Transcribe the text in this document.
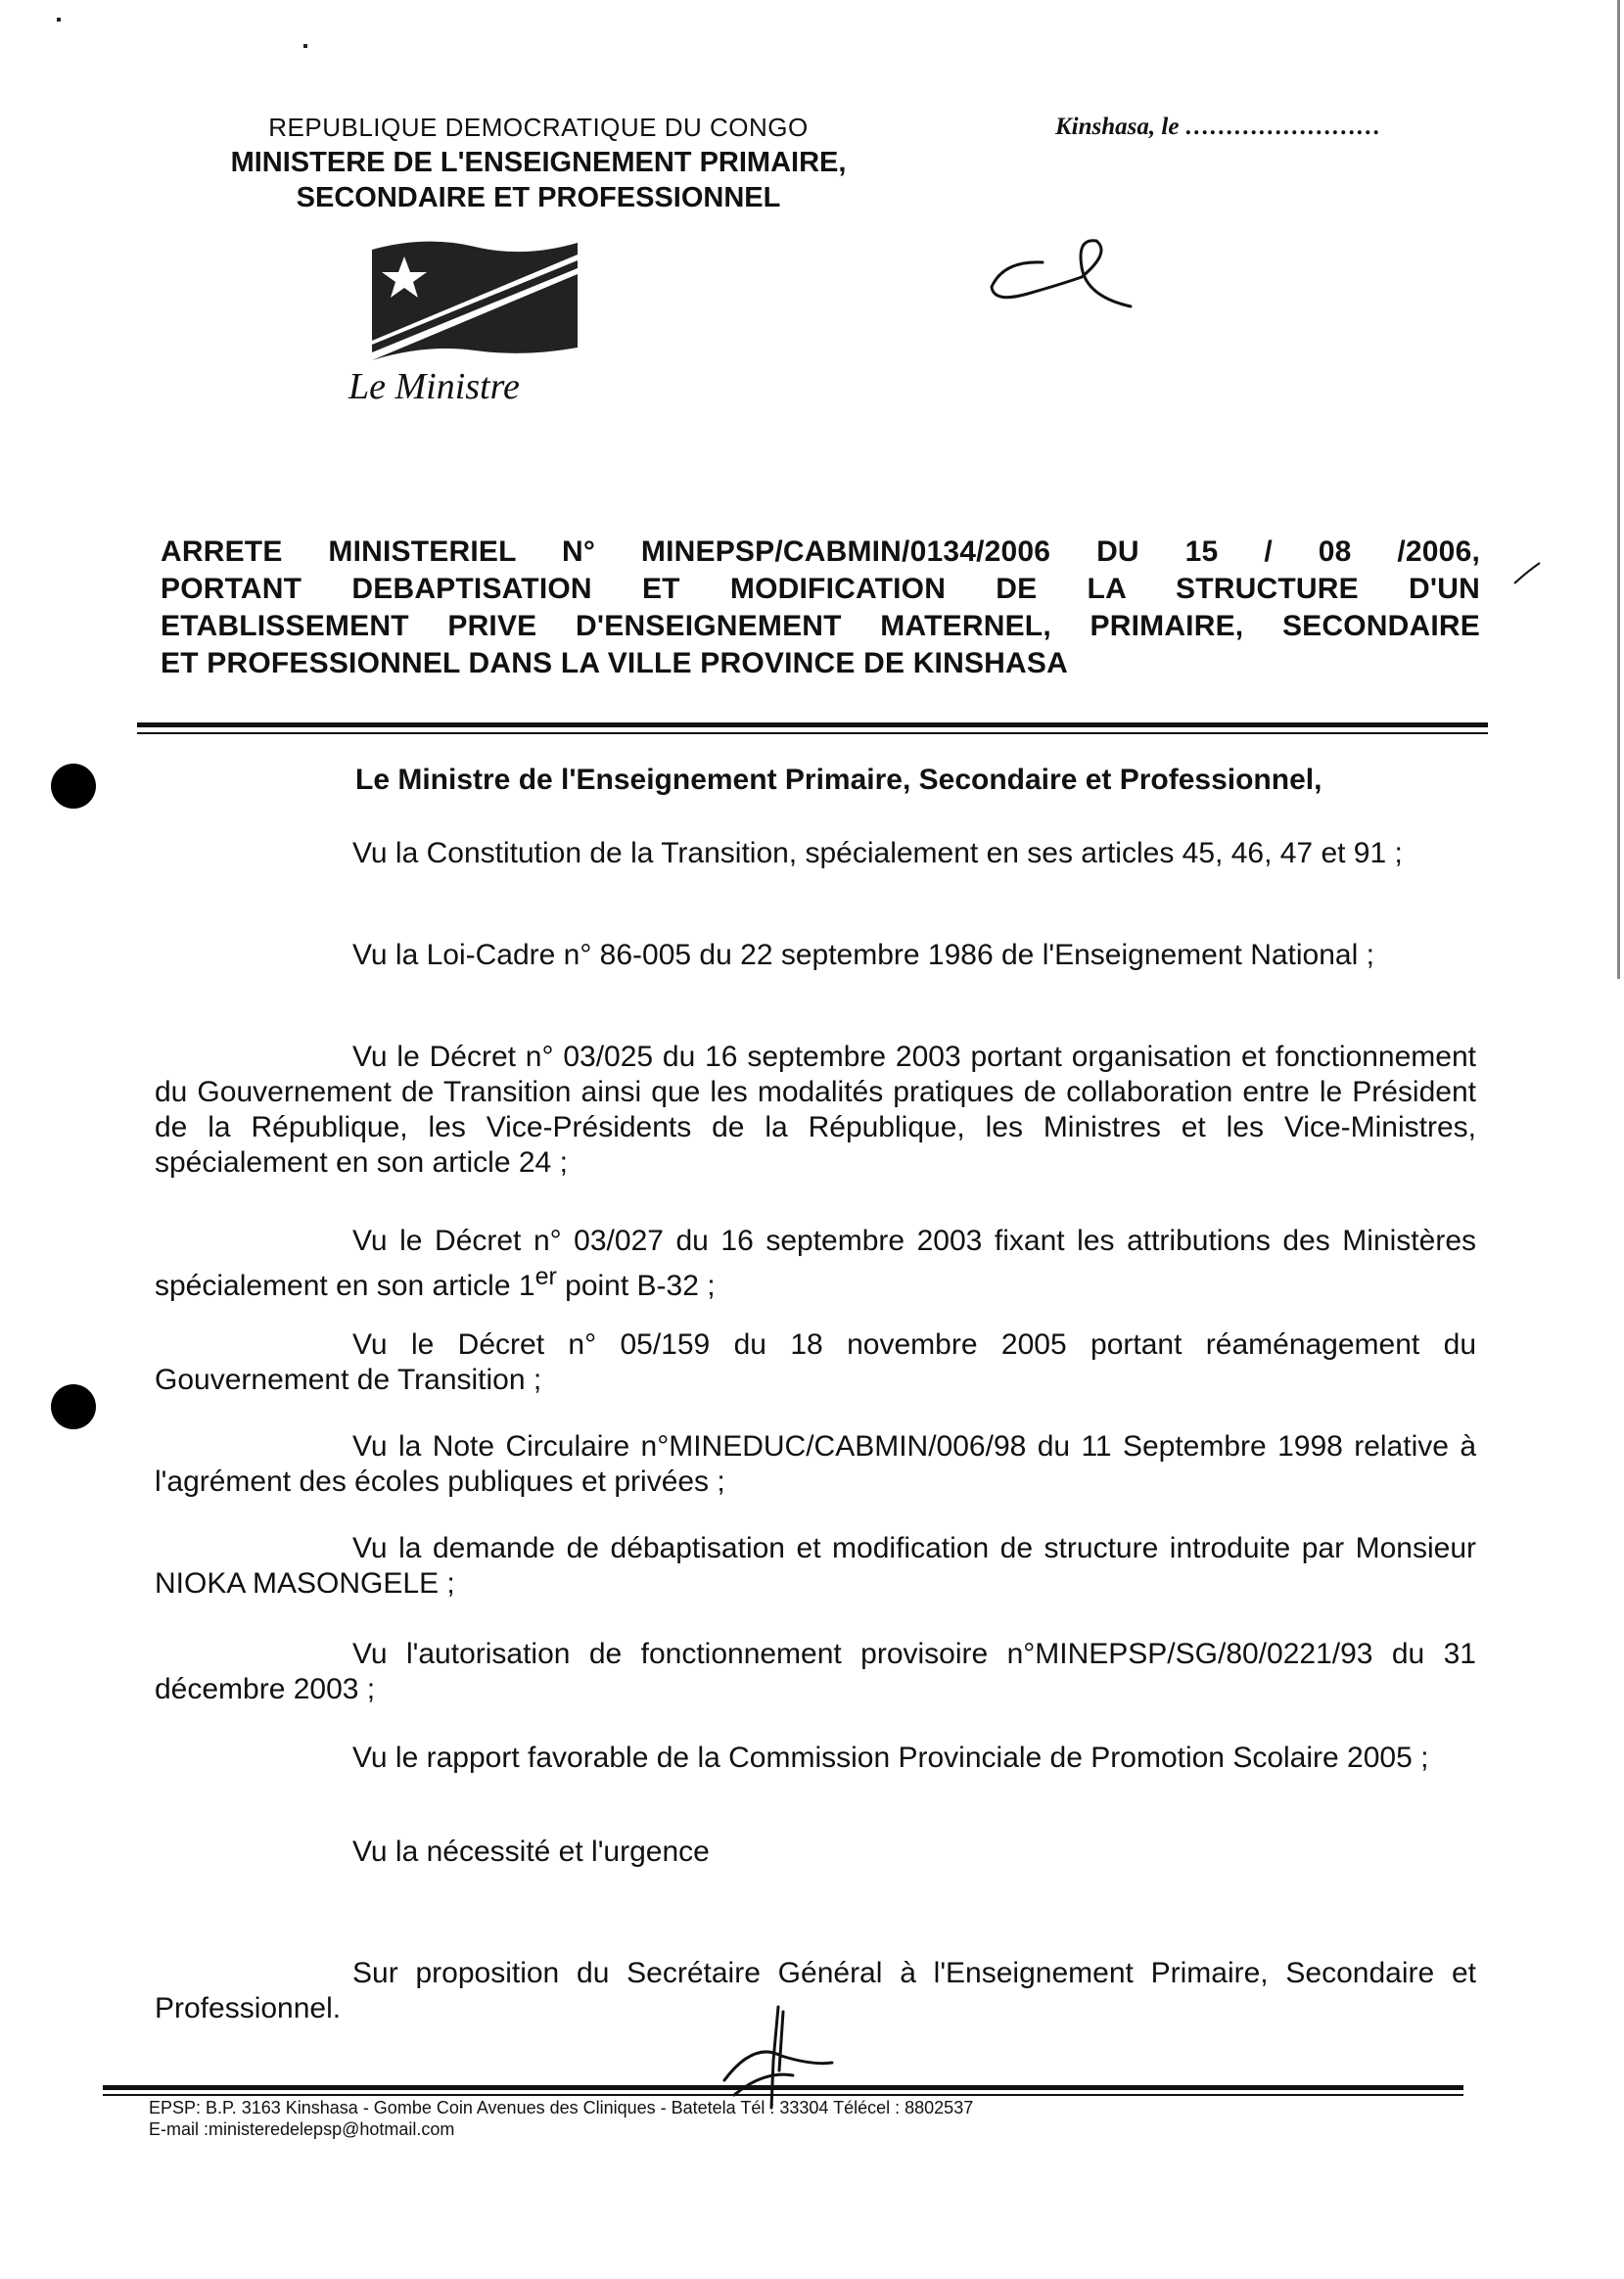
REPUBLIQUE DEMOCRATIQUE DU CONGO
MINISTERE DE L'ENSEIGNEMENT PRIMAIRE,
SECONDAIRE ET PROFESSIONNEL
Kinshasa, le ……………………
Le Ministre
ARRETE MINISTERIEL N° MINEPSP/CABMIN/0134/2006 DU 15 / 08 /2006,
PORTANT DEBAPTISATION ET MODIFICATION DE LA STRUCTURE D'UN
ETABLISSEMENT PRIVE D'ENSEIGNEMENT MATERNEL, PRIMAIRE, SECONDAIRE
ET PROFESSIONNEL DANS LA VILLE PROVINCE DE KINSHASA
Le Ministre de l'Enseignement Primaire, Secondaire et Professionnel,

Vu la Constitution de la Transition, spécialement en ses articles 45, 46, 47 et 91 ;

Vu la Loi-Cadre n° 86-005 du 22 septembre 1986 de l'Enseignement National ;

Vu le Décret n° 03/025 du 16 septembre 2003 portant organisation et fonctionnement du Gouvernement de Transition ainsi que les modalités pratiques de collaboration entre le Président de la République, les Vice-Présidents de la République, les Ministres et les Vice-Ministres, spécialement en son article 24 ;

Vu le Décret n° 03/027 du 16 septembre 2003 fixant les attributions des Ministères spécialement en son article 1er point B-32 ;

Vu le Décret n° 05/159 du 18 novembre 2005 portant réaménagement du Gouvernement de Transition ;

Vu la Note Circulaire n°MINEDUC/CABMIN/006/98 du 11 Septembre 1998 relative à l'agrément des écoles publiques et privées ;

Vu la demande de débaptisation et modification de structure introduite par Monsieur NIOKA MASONGELE ;

Vu l'autorisation de fonctionnement provisoire n°MINEPSP/SG/80/0221/93 du 31 décembre 2003 ;

Vu le rapport favorable de la Commission Provinciale de Promotion Scolaire 2005 ;

Vu la nécessité et l'urgence

Sur proposition du Secrétaire Général à l'Enseignement Primaire, Secondaire et Professionnel.

EPSP: B.P. 3163 Kinshasa - Gombe Coin Avenues des Cliniques - Batetela Tél : 33304 Télécel : 8802537
E-mail :ministeredelepsp@hotmail.com
